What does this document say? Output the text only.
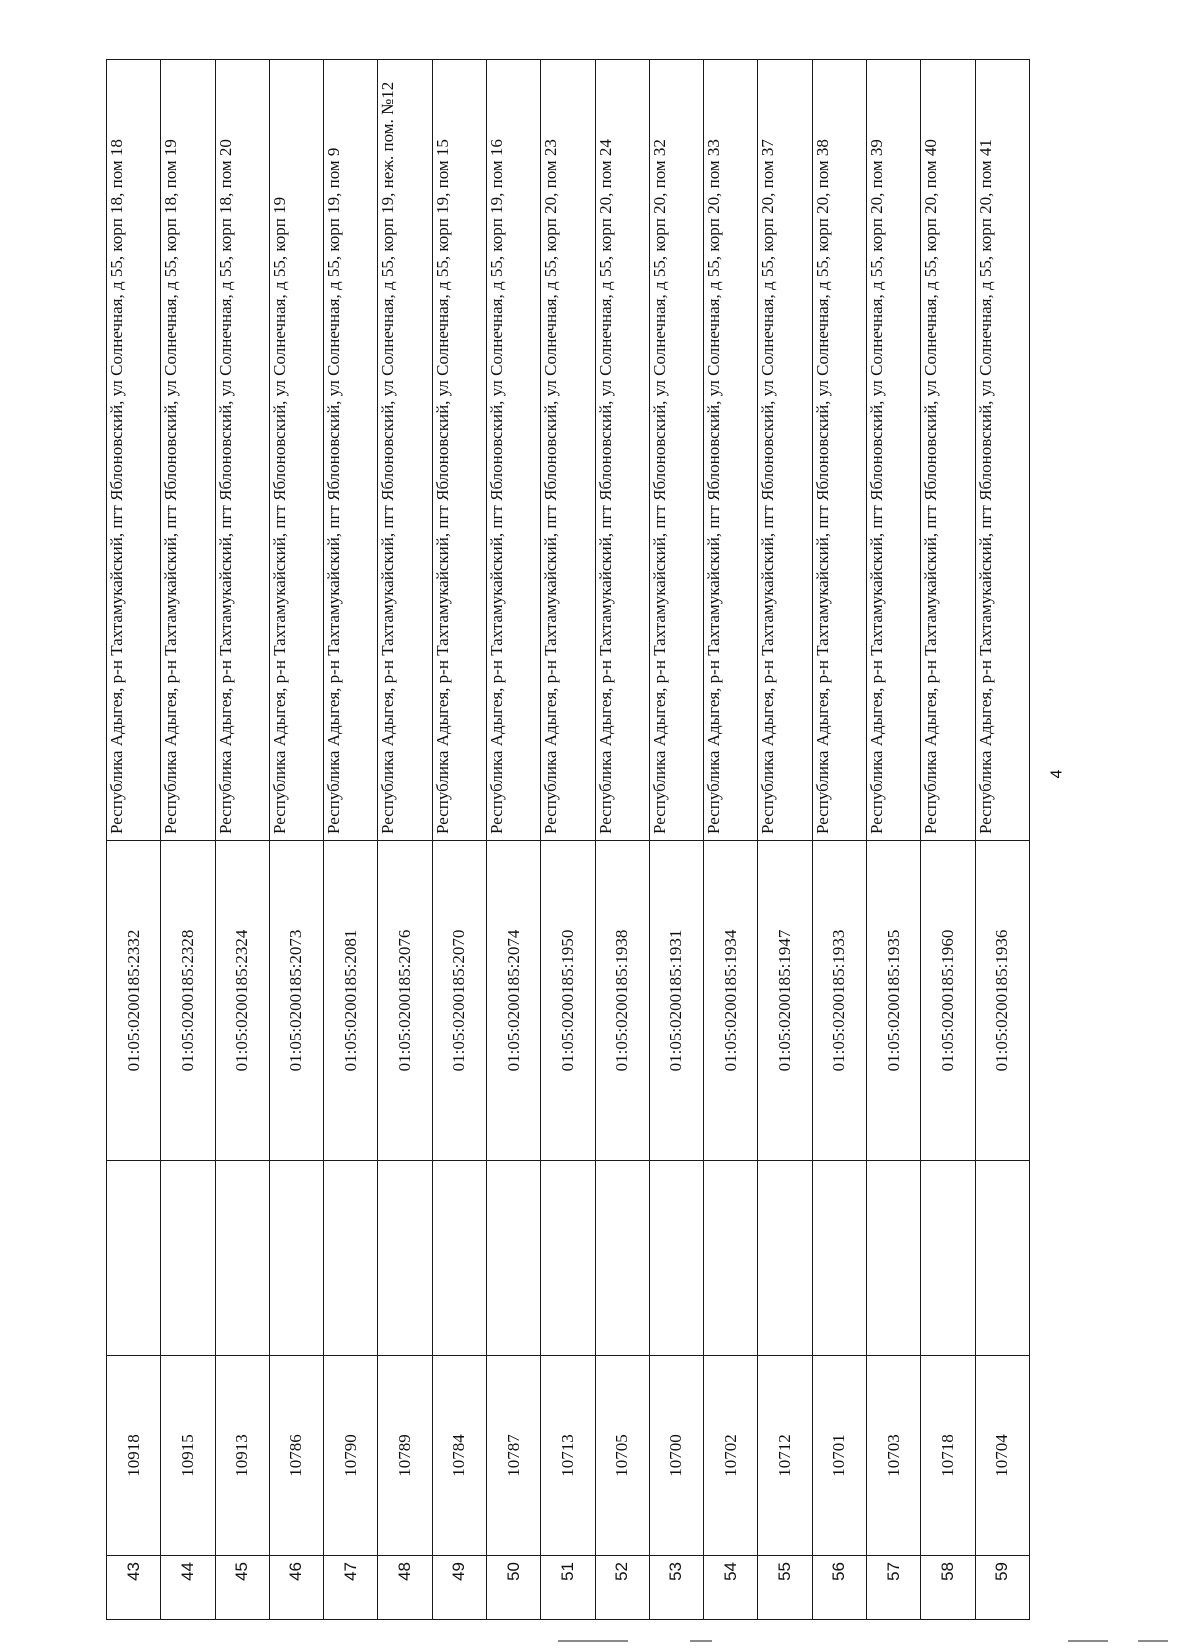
43	10918		01:05:0200185:2332	Республика Адыгея, р-н Тахтамукайский, пгт Яблоновский, ул Солнечная, д 55, корп 18, пом 18
44	10915		01:05:0200185:2328	Республика Адыгея, р-н Тахтамукайский, пгт Яблоновский, ул Солнечная, д 55, корп 18, пом 19
45	10913		01:05:0200185:2324	Республика Адыгея, р-н Тахтамукайский, пгт Яблоновский, ул Солнечная, д 55, корп 18, пом 20
46	10786		01:05:0200185:2073	Республика Адыгея, р-н Тахтамукайский, пгт Яблоновский, ул Солнечная, д 55, корп 19
47	10790		01:05:0200185:2081	Республика Адыгея, р-н Тахтамукайский, пгт Яблоновский, ул Солнечная, д 55, корп 19, пом 9
48	10789		01:05:0200185:2076	Республика Адыгея, р-н Тахтамукайский, пгт Яблоновский, ул Солнечная, д 55, корп 19, неж. пом. №12
49	10784		01:05:0200185:2070	Республика Адыгея, р-н Тахтамукайский, пгт Яблоновский, ул Солнечная, д 55, корп 19, пом 15
50	10787		01:05:0200185:2074	Республика Адыгея, р-н Тахтамукайский, пгт Яблоновский, ул Солнечная, д 55, корп 19, пом 16
51	10713		01:05:0200185:1950	Республика Адыгея, р-н Тахтамукайский, пгт Яблоновский, ул Солнечная, д 55, корп 20, пом 23
52	10705		01:05:0200185:1938	Республика Адыгея, р-н Тахтамукайский, пгт Яблоновский, ул Солнечная, д 55, корп 20, пом 24
53	10700		01:05:0200185:1931	Республика Адыгея, р-н Тахтамукайский, пгт Яблоновский, ул Солнечная, д 55, корп 20, пом 32
54	10702		01:05:0200185:1934	Республика Адыгея, р-н Тахтамукайский, пгт Яблоновский, ул Солнечная, д 55, корп 20, пом 33
55	10712		01:05:0200185:1947	Республика Адыгея, р-н Тахтамукайский, пгт Яблоновский, ул Солнечная, д 55, корп 20, пом 37
56	10701		01:05:0200185:1933	Республика Адыгея, р-н Тахтамукайский, пгт Яблоновский, ул Солнечная, д 55, корп 20, пом 38
57	10703		01:05:0200185:1935	Республика Адыгея, р-н Тахтамукайский, пгт Яблоновский, ул Солнечная, д 55, корп 20, пом 39
58	10718		01:05:0200185:1960	Республика Адыгея, р-н Тахтамукайский, пгт Яблоновский, ул Солнечная, д 55, корп 20, пом 40
59	10704		01:05:0200185:1936	Республика Адыгея, р-н Тахтамукайский, пгт Яблоновский, ул Солнечная, д 55, корп 20, пом 41	4
